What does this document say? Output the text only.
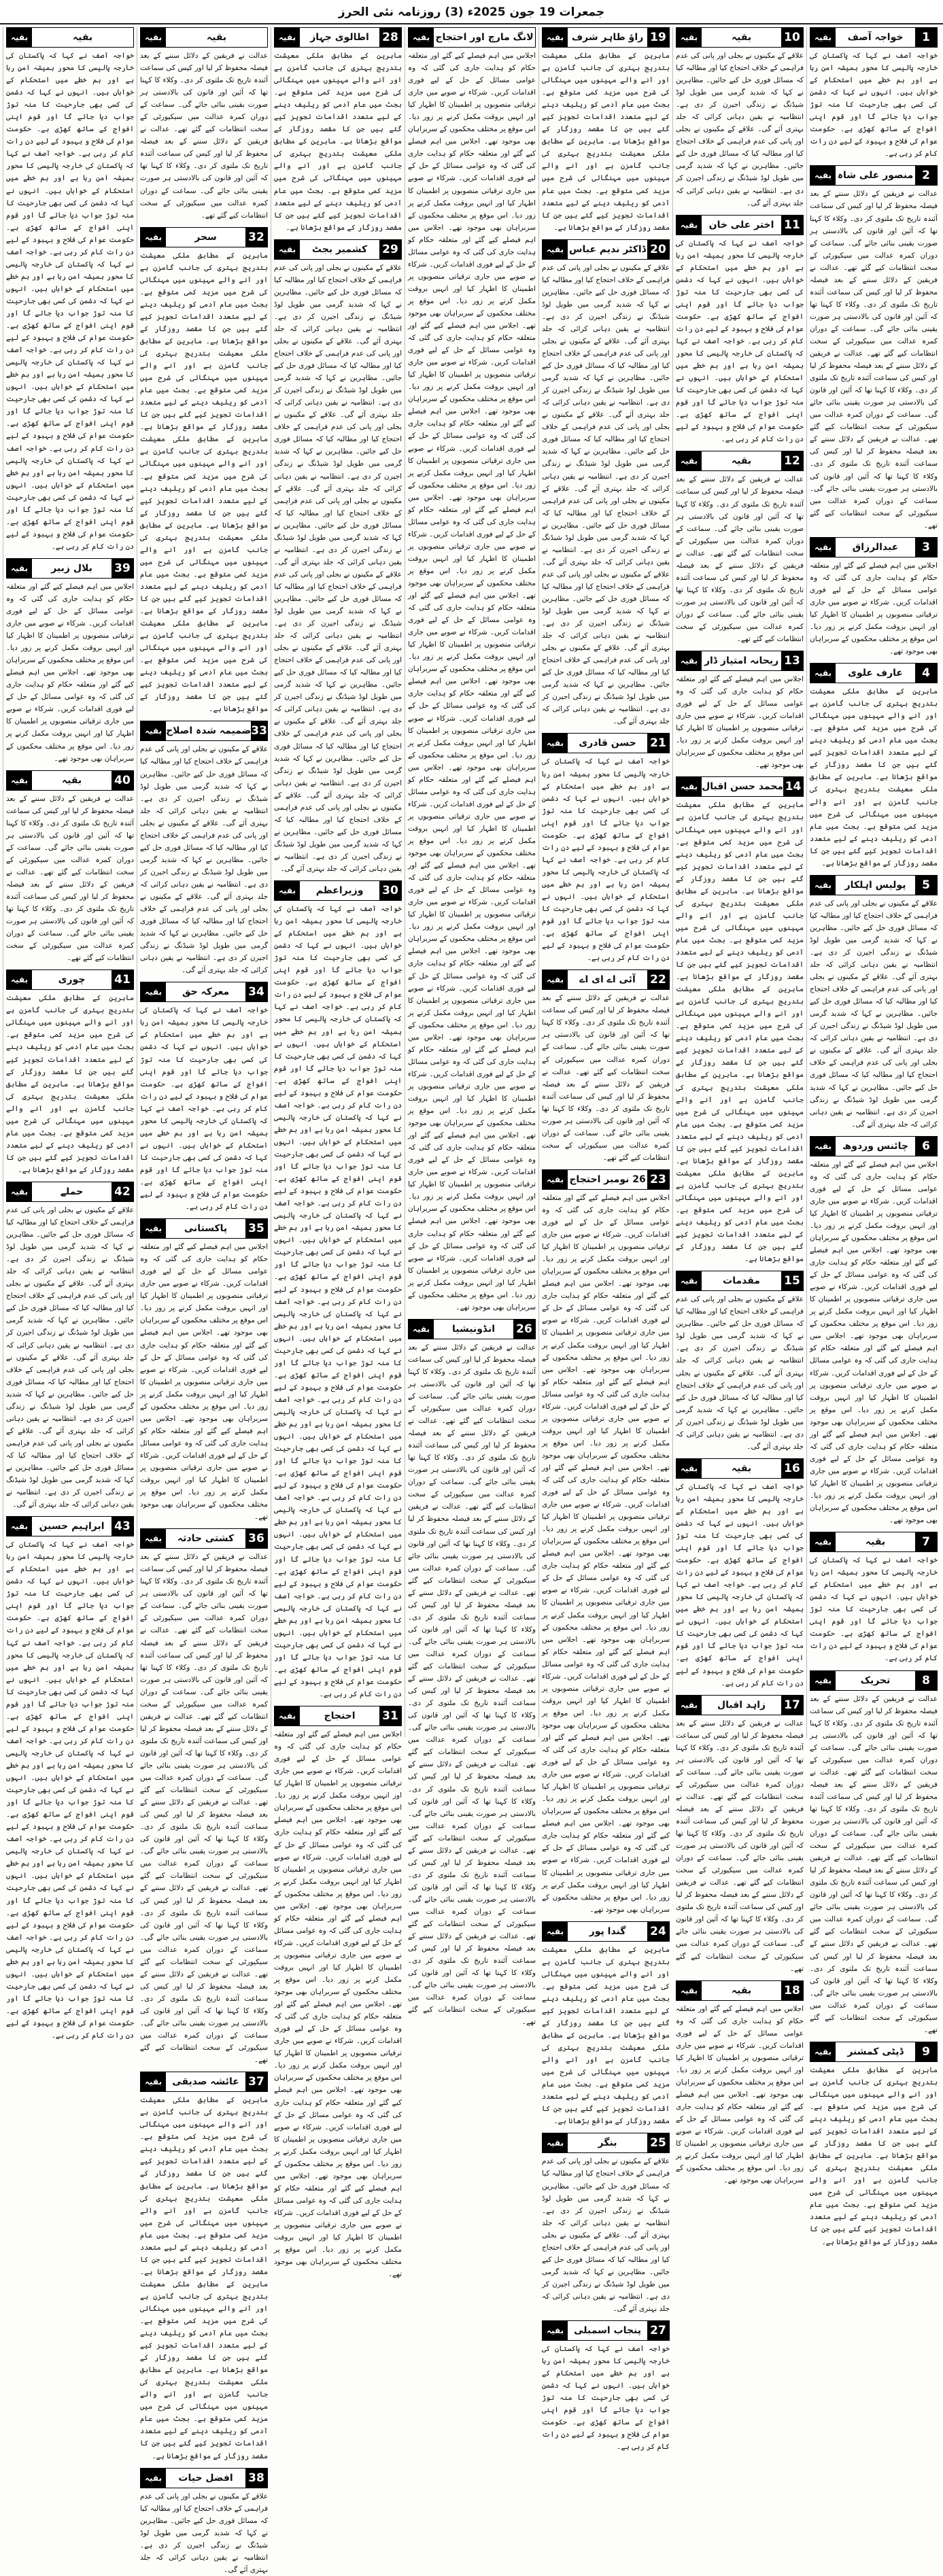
جمعرات 19 جون 2025ء (3) روزنامہ نئی الحرز
1
خواجہ آصف
بقیہ

خواجہ آصف نے کہا کہ پاکستان کی خارجہ پالیسی کا محور ہمیشہ امن رہا ہے اور ہم خطے میں استحکام کے خواہاں ہیں۔ انہوں نے کہا کہ دشمن کی کسی بھی جارحیت کا منہ توڑ جواب دیا جائے گا اور قوم اپنی افواج کے ساتھ کھڑی ہے۔ حکومت عوام کی فلاح و بہبود کے لیے دن رات کام کر رہی ہے۔

2
منصور علی شاہ
بقیہ

عدالت نے فریقین کے دلائل سننے کے بعد فیصلہ محفوظ کر لیا اور کیس کی سماعت آئندہ تاریخ تک ملتوی کر دی۔ وکلاء کا کہنا تھا کہ آئین اور قانون کی بالادستی ہر صورت یقینی بنائی جائے گی۔ سماعت کے دوران کمرہ عدالت میں سیکیورٹی کے سخت انتظامات کیے گئے تھے۔ عدالت نے فریقین کے دلائل سننے کے بعد فیصلہ محفوظ کر لیا اور کیس کی سماعت آئندہ تاریخ تک ملتوی کر دی۔ وکلاء کا کہنا تھا کہ آئین اور قانون کی بالادستی ہر صورت یقینی بنائی جائے گی۔ سماعت کے دوران کمرہ عدالت میں سیکیورٹی کے سخت انتظامات کیے گئے تھے۔ عدالت نے فریقین کے دلائل سننے کے بعد فیصلہ محفوظ کر لیا اور کیس کی سماعت آئندہ تاریخ تک ملتوی کر دی۔ وکلاء کا کہنا تھا کہ آئین اور قانون کی بالادستی ہر صورت یقینی بنائی جائے گی۔ سماعت کے دوران کمرہ عدالت میں سیکیورٹی کے سخت انتظامات کیے گئے تھے۔ عدالت نے فریقین کے دلائل سننے کے بعد فیصلہ محفوظ کر لیا اور کیس کی سماعت آئندہ تاریخ تک ملتوی کر دی۔ وکلاء کا کہنا تھا کہ آئین اور قانون کی بالادستی ہر صورت یقینی بنائی جائے گی۔ سماعت کے دوران کمرہ عدالت میں سیکیورٹی کے سخت انتظامات کیے گئے تھے۔

3
عبدالرزاق
بقیہ

اجلاس میں اہم فیصلے کیے گئے اور متعلقہ حکام کو ہدایت جاری کی گئی کہ وہ عوامی مسائل کے حل کے لیے فوری اقدامات کریں۔ شرکاء نے صوبے میں جاری ترقیاتی منصوبوں پر اطمینان کا اظہار کیا اور انہیں بروقت مکمل کرنے پر زور دیا۔ اس موقع پر مختلف محکموں کے سربراہان بھی موجود تھے۔

4
عارف علوی
بقیہ

ماہرین کے مطابق ملکی معیشت بتدریج بہتری کی جانب گامزن ہے اور آنے والے مہینوں میں مہنگائی کی شرح میں مزید کمی متوقع ہے۔ بجٹ میں عام آدمی کو ریلیف دینے کے لیے متعدد اقدامات تجویز کیے گئے ہیں جن کا مقصد روزگار کے مواقع بڑھانا ہے۔ ماہرین کے مطابق ملکی معیشت بتدریج بہتری کی جانب گامزن ہے اور آنے والے مہینوں میں مہنگائی کی شرح میں مزید کمی متوقع ہے۔ بجٹ میں عام آدمی کو ریلیف دینے کے لیے متعدد اقدامات تجویز کیے گئے ہیں جن کا مقصد روزگار کے مواقع بڑھانا ہے۔

5
پولیس اہلکار
بقیہ

علاقے کے مکینوں نے بجلی اور پانی کی عدم فراہمی کے خلاف احتجاج کیا اور مطالبہ کیا کہ مسائل فوری حل کیے جائیں۔ مظاہرین نے کہا کہ شدید گرمی میں طویل لوڈ شیڈنگ نے زندگی اجیرن کر دی ہے۔ انتظامیہ نے یقین دہانی کرائی کہ جلد بہتری آئے گی۔ علاقے کے مکینوں نے بجلی اور پانی کی عدم فراہمی کے خلاف احتجاج کیا اور مطالبہ کیا کہ مسائل فوری حل کیے جائیں۔ مظاہرین نے کہا کہ شدید گرمی میں طویل لوڈ شیڈنگ نے زندگی اجیرن کر دی ہے۔ انتظامیہ نے یقین دہانی کرائی کہ جلد بہتری آئے گی۔ علاقے کے مکینوں نے بجلی اور پانی کی عدم فراہمی کے خلاف احتجاج کیا اور مطالبہ کیا کہ مسائل فوری حل کیے جائیں۔ مظاہرین نے کہا کہ شدید گرمی میں طویل لوڈ شیڈنگ نے زندگی اجیرن کر دی ہے۔ انتظامیہ نے یقین دہانی کرائی کہ جلد بہتری آئے گی۔

6
چائنس وردوھ
بقیہ

اجلاس میں اہم فیصلے کیے گئے اور متعلقہ حکام کو ہدایت جاری کی گئی کہ وہ عوامی مسائل کے حل کے لیے فوری اقدامات کریں۔ شرکاء نے صوبے میں جاری ترقیاتی منصوبوں پر اطمینان کا اظہار کیا اور انہیں بروقت مکمل کرنے پر زور دیا۔ اس موقع پر مختلف محکموں کے سربراہان بھی موجود تھے۔ اجلاس میں اہم فیصلے کیے گئے اور متعلقہ حکام کو ہدایت جاری کی گئی کہ وہ عوامی مسائل کے حل کے لیے فوری اقدامات کریں۔ شرکاء نے صوبے میں جاری ترقیاتی منصوبوں پر اطمینان کا اظہار کیا اور انہیں بروقت مکمل کرنے پر زور دیا۔ اس موقع پر مختلف محکموں کے سربراہان بھی موجود تھے۔ اجلاس میں اہم فیصلے کیے گئے اور متعلقہ حکام کو ہدایت جاری کی گئی کہ وہ عوامی مسائل کے حل کے لیے فوری اقدامات کریں۔ شرکاء نے صوبے میں جاری ترقیاتی منصوبوں پر اطمینان کا اظہار کیا اور انہیں بروقت مکمل کرنے پر زور دیا۔ اس موقع پر مختلف محکموں کے سربراہان بھی موجود تھے۔ اجلاس میں اہم فیصلے کیے گئے اور متعلقہ حکام کو ہدایت جاری کی گئی کہ وہ عوامی مسائل کے حل کے لیے فوری اقدامات کریں۔ شرکاء نے صوبے میں جاری ترقیاتی منصوبوں پر اطمینان کا اظہار کیا اور انہیں بروقت مکمل کرنے پر زور دیا۔ اس موقع پر مختلف محکموں کے سربراہان بھی موجود تھے۔

7
بقیہ
بقیہ

خواجہ آصف نے کہا کہ پاکستان کی خارجہ پالیسی کا محور ہمیشہ امن رہا ہے اور ہم خطے میں استحکام کے خواہاں ہیں۔ انہوں نے کہا کہ دشمن کی کسی بھی جارحیت کا منہ توڑ جواب دیا جائے گا اور قوم اپنی افواج کے ساتھ کھڑی ہے۔ حکومت عوام کی فلاح و بہبود کے لیے دن رات کام کر رہی ہے۔

8
تحریک
بقیہ

عدالت نے فریقین کے دلائل سننے کے بعد فیصلہ محفوظ کر لیا اور کیس کی سماعت آئندہ تاریخ تک ملتوی کر دی۔ وکلاء کا کہنا تھا کہ آئین اور قانون کی بالادستی ہر صورت یقینی بنائی جائے گی۔ سماعت کے دوران کمرہ عدالت میں سیکیورٹی کے سخت انتظامات کیے گئے تھے۔ عدالت نے فریقین کے دلائل سننے کے بعد فیصلہ محفوظ کر لیا اور کیس کی سماعت آئندہ تاریخ تک ملتوی کر دی۔ وکلاء کا کہنا تھا کہ آئین اور قانون کی بالادستی ہر صورت یقینی بنائی جائے گی۔ سماعت کے دوران کمرہ عدالت میں سیکیورٹی کے سخت انتظامات کیے گئے تھے۔ عدالت نے فریقین کے دلائل سننے کے بعد فیصلہ محفوظ کر لیا اور کیس کی سماعت آئندہ تاریخ تک ملتوی کر دی۔ وکلاء کا کہنا تھا کہ آئین اور قانون کی بالادستی ہر صورت یقینی بنائی جائے گی۔ سماعت کے دوران کمرہ عدالت میں سیکیورٹی کے سخت انتظامات کیے گئے تھے۔ عدالت نے فریقین کے دلائل سننے کے بعد فیصلہ محفوظ کر لیا اور کیس کی سماعت آئندہ تاریخ تک ملتوی کر دی۔ وکلاء کا کہنا تھا کہ آئین اور قانون کی بالادستی ہر صورت یقینی بنائی جائے گی۔ سماعت کے دوران کمرہ عدالت میں سیکیورٹی کے سخت انتظامات کیے گئے تھے۔

9
ڈپٹی کمشنر
بقیہ

ماہرین کے مطابق ملکی معیشت بتدریج بہتری کی جانب گامزن ہے اور آنے والے مہینوں میں مہنگائی کی شرح میں مزید کمی متوقع ہے۔ بجٹ میں عام آدمی کو ریلیف دینے کے لیے متعدد اقدامات تجویز کیے گئے ہیں جن کا مقصد روزگار کے مواقع بڑھانا ہے۔ ماہرین کے مطابق ملکی معیشت بتدریج بہتری کی جانب گامزن ہے اور آنے والے مہینوں میں مہنگائی کی شرح میں مزید کمی متوقع ہے۔ بجٹ میں عام آدمی کو ریلیف دینے کے لیے متعدد اقدامات تجویز کیے گئے ہیں جن کا مقصد روزگار کے مواقع بڑھانا ہے۔

10
بقیہ
بقیہ

علاقے کے مکینوں نے بجلی اور پانی کی عدم فراہمی کے خلاف احتجاج کیا اور مطالبہ کیا کہ مسائل فوری حل کیے جائیں۔ مظاہرین نے کہا کہ شدید گرمی میں طویل لوڈ شیڈنگ نے زندگی اجیرن کر دی ہے۔ انتظامیہ نے یقین دہانی کرائی کہ جلد بہتری آئے گی۔ علاقے کے مکینوں نے بجلی اور پانی کی عدم فراہمی کے خلاف احتجاج کیا اور مطالبہ کیا کہ مسائل فوری حل کیے جائیں۔ مظاہرین نے کہا کہ شدید گرمی میں طویل لوڈ شیڈنگ نے زندگی اجیرن کر دی ہے۔ انتظامیہ نے یقین دہانی کرائی کہ جلد بہتری آئے گی۔

11
اختر علی خان
بقیہ

خواجہ آصف نے کہا کہ پاکستان کی خارجہ پالیسی کا محور ہمیشہ امن رہا ہے اور ہم خطے میں استحکام کے خواہاں ہیں۔ انہوں نے کہا کہ دشمن کی کسی بھی جارحیت کا منہ توڑ جواب دیا جائے گا اور قوم اپنی افواج کے ساتھ کھڑی ہے۔ حکومت عوام کی فلاح و بہبود کے لیے دن رات کام کر رہی ہے۔ خواجہ آصف نے کہا کہ پاکستان کی خارجہ پالیسی کا محور ہمیشہ امن رہا ہے اور ہم خطے میں استحکام کے خواہاں ہیں۔ انہوں نے کہا کہ دشمن کی کسی بھی جارحیت کا منہ توڑ جواب دیا جائے گا اور قوم اپنی افواج کے ساتھ کھڑی ہے۔ حکومت عوام کی فلاح و بہبود کے لیے دن رات کام کر رہی ہے۔

12
بقیہ
بقیہ

عدالت نے فریقین کے دلائل سننے کے بعد فیصلہ محفوظ کر لیا اور کیس کی سماعت آئندہ تاریخ تک ملتوی کر دی۔ وکلاء کا کہنا تھا کہ آئین اور قانون کی بالادستی ہر صورت یقینی بنائی جائے گی۔ سماعت کے دوران کمرہ عدالت میں سیکیورٹی کے سخت انتظامات کیے گئے تھے۔ عدالت نے فریقین کے دلائل سننے کے بعد فیصلہ محفوظ کر لیا اور کیس کی سماعت آئندہ تاریخ تک ملتوی کر دی۔ وکلاء کا کہنا تھا کہ آئین اور قانون کی بالادستی ہر صورت یقینی بنائی جائے گی۔ سماعت کے دوران کمرہ عدالت میں سیکیورٹی کے سخت انتظامات کیے گئے تھے۔

13
ریحانہ امتیاز ڈار
بقیہ

اجلاس میں اہم فیصلے کیے گئے اور متعلقہ حکام کو ہدایت جاری کی گئی کہ وہ عوامی مسائل کے حل کے لیے فوری اقدامات کریں۔ شرکاء نے صوبے میں جاری ترقیاتی منصوبوں پر اطمینان کا اظہار کیا اور انہیں بروقت مکمل کرنے پر زور دیا۔ اس موقع پر مختلف محکموں کے سربراہان بھی موجود تھے۔

14
محمد حسن اقبال
بقیہ

ماہرین کے مطابق ملکی معیشت بتدریج بہتری کی جانب گامزن ہے اور آنے والے مہینوں میں مہنگائی کی شرح میں مزید کمی متوقع ہے۔ بجٹ میں عام آدمی کو ریلیف دینے کے لیے متعدد اقدامات تجویز کیے گئے ہیں جن کا مقصد روزگار کے مواقع بڑھانا ہے۔ ماہرین کے مطابق ملکی معیشت بتدریج بہتری کی جانب گامزن ہے اور آنے والے مہینوں میں مہنگائی کی شرح میں مزید کمی متوقع ہے۔ بجٹ میں عام آدمی کو ریلیف دینے کے لیے متعدد اقدامات تجویز کیے گئے ہیں جن کا مقصد روزگار کے مواقع بڑھانا ہے۔ ماہرین کے مطابق ملکی معیشت بتدریج بہتری کی جانب گامزن ہے اور آنے والے مہینوں میں مہنگائی کی شرح میں مزید کمی متوقع ہے۔ بجٹ میں عام آدمی کو ریلیف دینے کے لیے متعدد اقدامات تجویز کیے گئے ہیں جن کا مقصد روزگار کے مواقع بڑھانا ہے۔ ماہرین کے مطابق ملکی معیشت بتدریج بہتری کی جانب گامزن ہے اور آنے والے مہینوں میں مہنگائی کی شرح میں مزید کمی متوقع ہے۔ بجٹ میں عام آدمی کو ریلیف دینے کے لیے متعدد اقدامات تجویز کیے گئے ہیں جن کا مقصد روزگار کے مواقع بڑھانا ہے۔ ماہرین کے مطابق ملکی معیشت بتدریج بہتری کی جانب گامزن ہے اور آنے والے مہینوں میں مہنگائی کی شرح میں مزید کمی متوقع ہے۔ بجٹ میں عام آدمی کو ریلیف دینے کے لیے متعدد اقدامات تجویز کیے گئے ہیں جن کا مقصد روزگار کے مواقع بڑھانا ہے۔

15
مقدمات
بقیہ

علاقے کے مکینوں نے بجلی اور پانی کی عدم فراہمی کے خلاف احتجاج کیا اور مطالبہ کیا کہ مسائل فوری حل کیے جائیں۔ مظاہرین نے کہا کہ شدید گرمی میں طویل لوڈ شیڈنگ نے زندگی اجیرن کر دی ہے۔ انتظامیہ نے یقین دہانی کرائی کہ جلد بہتری آئے گی۔ علاقے کے مکینوں نے بجلی اور پانی کی عدم فراہمی کے خلاف احتجاج کیا اور مطالبہ کیا کہ مسائل فوری حل کیے جائیں۔ مظاہرین نے کہا کہ شدید گرمی میں طویل لوڈ شیڈنگ نے زندگی اجیرن کر دی ہے۔ انتظامیہ نے یقین دہانی کرائی کہ جلد بہتری آئے گی۔

16
بقیہ
بقیہ

خواجہ آصف نے کہا کہ پاکستان کی خارجہ پالیسی کا محور ہمیشہ امن رہا ہے اور ہم خطے میں استحکام کے خواہاں ہیں۔ انہوں نے کہا کہ دشمن کی کسی بھی جارحیت کا منہ توڑ جواب دیا جائے گا اور قوم اپنی افواج کے ساتھ کھڑی ہے۔ حکومت عوام کی فلاح و بہبود کے لیے دن رات کام کر رہی ہے۔ خواجہ آصف نے کہا کہ پاکستان کی خارجہ پالیسی کا محور ہمیشہ امن رہا ہے اور ہم خطے میں استحکام کے خواہاں ہیں۔ انہوں نے کہا کہ دشمن کی کسی بھی جارحیت کا منہ توڑ جواب دیا جائے گا اور قوم اپنی افواج کے ساتھ کھڑی ہے۔ حکومت عوام کی فلاح و بہبود کے لیے دن رات کام کر رہی ہے۔

17
زاہد اقبال
بقیہ

عدالت نے فریقین کے دلائل سننے کے بعد فیصلہ محفوظ کر لیا اور کیس کی سماعت آئندہ تاریخ تک ملتوی کر دی۔ وکلاء کا کہنا تھا کہ آئین اور قانون کی بالادستی ہر صورت یقینی بنائی جائے گی۔ سماعت کے دوران کمرہ عدالت میں سیکیورٹی کے سخت انتظامات کیے گئے تھے۔ عدالت نے فریقین کے دلائل سننے کے بعد فیصلہ محفوظ کر لیا اور کیس کی سماعت آئندہ تاریخ تک ملتوی کر دی۔ وکلاء کا کہنا تھا کہ آئین اور قانون کی بالادستی ہر صورت یقینی بنائی جائے گی۔ سماعت کے دوران کمرہ عدالت میں سیکیورٹی کے سخت انتظامات کیے گئے تھے۔ عدالت نے فریقین کے دلائل سننے کے بعد فیصلہ محفوظ کر لیا اور کیس کی سماعت آئندہ تاریخ تک ملتوی کر دی۔ وکلاء کا کہنا تھا کہ آئین اور قانون کی بالادستی ہر صورت یقینی بنائی جائے گی۔ سماعت کے دوران کمرہ عدالت میں سیکیورٹی کے سخت انتظامات کیے گئے تھے۔

18
بقیہ
بقیہ

اجلاس میں اہم فیصلے کیے گئے اور متعلقہ حکام کو ہدایت جاری کی گئی کہ وہ عوامی مسائل کے حل کے لیے فوری اقدامات کریں۔ شرکاء نے صوبے میں جاری ترقیاتی منصوبوں پر اطمینان کا اظہار کیا اور انہیں بروقت مکمل کرنے پر زور دیا۔ اس موقع پر مختلف محکموں کے سربراہان بھی موجود تھے۔ اجلاس میں اہم فیصلے کیے گئے اور متعلقہ حکام کو ہدایت جاری کی گئی کہ وہ عوامی مسائل کے حل کے لیے فوری اقدامات کریں۔ شرکاء نے صوبے میں جاری ترقیاتی منصوبوں پر اطمینان کا اظہار کیا اور انہیں بروقت مکمل کرنے پر زور دیا۔ اس موقع پر مختلف محکموں کے سربراہان بھی موجود تھے۔

19
راؤ طاہر شرف
بقیہ

ماہرین کے مطابق ملکی معیشت بتدریج بہتری کی جانب گامزن ہے اور آنے والے مہینوں میں مہنگائی کی شرح میں مزید کمی متوقع ہے۔ بجٹ میں عام آدمی کو ریلیف دینے کے لیے متعدد اقدامات تجویز کیے گئے ہیں جن کا مقصد روزگار کے مواقع بڑھانا ہے۔ ماہرین کے مطابق ملکی معیشت بتدریج بہتری کی جانب گامزن ہے اور آنے والے مہینوں میں مہنگائی کی شرح میں مزید کمی متوقع ہے۔ بجٹ میں عام آدمی کو ریلیف دینے کے لیے متعدد اقدامات تجویز کیے گئے ہیں جن کا مقصد روزگار کے مواقع بڑھانا ہے۔

20
ڈاکٹر ندیم عباس
بقیہ

علاقے کے مکینوں نے بجلی اور پانی کی عدم فراہمی کے خلاف احتجاج کیا اور مطالبہ کیا کہ مسائل فوری حل کیے جائیں۔ مظاہرین نے کہا کہ شدید گرمی میں طویل لوڈ شیڈنگ نے زندگی اجیرن کر دی ہے۔ انتظامیہ نے یقین دہانی کرائی کہ جلد بہتری آئے گی۔ علاقے کے مکینوں نے بجلی اور پانی کی عدم فراہمی کے خلاف احتجاج کیا اور مطالبہ کیا کہ مسائل فوری حل کیے جائیں۔ مظاہرین نے کہا کہ شدید گرمی میں طویل لوڈ شیڈنگ نے زندگی اجیرن کر دی ہے۔ انتظامیہ نے یقین دہانی کرائی کہ جلد بہتری آئے گی۔ علاقے کے مکینوں نے بجلی اور پانی کی عدم فراہمی کے خلاف احتجاج کیا اور مطالبہ کیا کہ مسائل فوری حل کیے جائیں۔ مظاہرین نے کہا کہ شدید گرمی میں طویل لوڈ شیڈنگ نے زندگی اجیرن کر دی ہے۔ انتظامیہ نے یقین دہانی کرائی کہ جلد بہتری آئے گی۔ علاقے کے مکینوں نے بجلی اور پانی کی عدم فراہمی کے خلاف احتجاج کیا اور مطالبہ کیا کہ مسائل فوری حل کیے جائیں۔ مظاہرین نے کہا کہ شدید گرمی میں طویل لوڈ شیڈنگ نے زندگی اجیرن کر دی ہے۔ انتظامیہ نے یقین دہانی کرائی کہ جلد بہتری آئے گی۔ علاقے کے مکینوں نے بجلی اور پانی کی عدم فراہمی کے خلاف احتجاج کیا اور مطالبہ کیا کہ مسائل فوری حل کیے جائیں۔ مظاہرین نے کہا کہ شدید گرمی میں طویل لوڈ شیڈنگ نے زندگی اجیرن کر دی ہے۔ انتظامیہ نے یقین دہانی کرائی کہ جلد بہتری آئے گی۔ علاقے کے مکینوں نے بجلی اور پانی کی عدم فراہمی کے خلاف احتجاج کیا اور مطالبہ کیا کہ مسائل فوری حل کیے جائیں۔ مظاہرین نے کہا کہ شدید گرمی میں طویل لوڈ شیڈنگ نے زندگی اجیرن کر دی ہے۔ انتظامیہ نے یقین دہانی کرائی کہ جلد بہتری آئے گی۔

21
حسن قادری
بقیہ

خواجہ آصف نے کہا کہ پاکستان کی خارجہ پالیسی کا محور ہمیشہ امن رہا ہے اور ہم خطے میں استحکام کے خواہاں ہیں۔ انہوں نے کہا کہ دشمن کی کسی بھی جارحیت کا منہ توڑ جواب دیا جائے گا اور قوم اپنی افواج کے ساتھ کھڑی ہے۔ حکومت عوام کی فلاح و بہبود کے لیے دن رات کام کر رہی ہے۔ خواجہ آصف نے کہا کہ پاکستان کی خارجہ پالیسی کا محور ہمیشہ امن رہا ہے اور ہم خطے میں استحکام کے خواہاں ہیں۔ انہوں نے کہا کہ دشمن کی کسی بھی جارحیت کا منہ توڑ جواب دیا جائے گا اور قوم اپنی افواج کے ساتھ کھڑی ہے۔ حکومت عوام کی فلاح و بہبود کے لیے دن رات کام کر رہی ہے۔

22
آئی اے ای اے
بقیہ

عدالت نے فریقین کے دلائل سننے کے بعد فیصلہ محفوظ کر لیا اور کیس کی سماعت آئندہ تاریخ تک ملتوی کر دی۔ وکلاء کا کہنا تھا کہ آئین اور قانون کی بالادستی ہر صورت یقینی بنائی جائے گی۔ سماعت کے دوران کمرہ عدالت میں سیکیورٹی کے سخت انتظامات کیے گئے تھے۔ عدالت نے فریقین کے دلائل سننے کے بعد فیصلہ محفوظ کر لیا اور کیس کی سماعت آئندہ تاریخ تک ملتوی کر دی۔ وکلاء کا کہنا تھا کہ آئین اور قانون کی بالادستی ہر صورت یقینی بنائی جائے گی۔ سماعت کے دوران کمرہ عدالت میں سیکیورٹی کے سخت انتظامات کیے گئے تھے۔

23
26 نومبر احتجاج
بقیہ

اجلاس میں اہم فیصلے کیے گئے اور متعلقہ حکام کو ہدایت جاری کی گئی کہ وہ عوامی مسائل کے حل کے لیے فوری اقدامات کریں۔ شرکاء نے صوبے میں جاری ترقیاتی منصوبوں پر اطمینان کا اظہار کیا اور انہیں بروقت مکمل کرنے پر زور دیا۔ اس موقع پر مختلف محکموں کے سربراہان بھی موجود تھے۔ اجلاس میں اہم فیصلے کیے گئے اور متعلقہ حکام کو ہدایت جاری کی گئی کہ وہ عوامی مسائل کے حل کے لیے فوری اقدامات کریں۔ شرکاء نے صوبے میں جاری ترقیاتی منصوبوں پر اطمینان کا اظہار کیا اور انہیں بروقت مکمل کرنے پر زور دیا۔ اس موقع پر مختلف محکموں کے سربراہان بھی موجود تھے۔ اجلاس میں اہم فیصلے کیے گئے اور متعلقہ حکام کو ہدایت جاری کی گئی کہ وہ عوامی مسائل کے حل کے لیے فوری اقدامات کریں۔ شرکاء نے صوبے میں جاری ترقیاتی منصوبوں پر اطمینان کا اظہار کیا اور انہیں بروقت مکمل کرنے پر زور دیا۔ اس موقع پر مختلف محکموں کے سربراہان بھی موجود تھے۔ اجلاس میں اہم فیصلے کیے گئے اور متعلقہ حکام کو ہدایت جاری کی گئی کہ وہ عوامی مسائل کے حل کے لیے فوری اقدامات کریں۔ شرکاء نے صوبے میں جاری ترقیاتی منصوبوں پر اطمینان کا اظہار کیا اور انہیں بروقت مکمل کرنے پر زور دیا۔ اس موقع پر مختلف محکموں کے سربراہان بھی موجود تھے۔ اجلاس میں اہم فیصلے کیے گئے اور متعلقہ حکام کو ہدایت جاری کی گئی کہ وہ عوامی مسائل کے حل کے لیے فوری اقدامات کریں۔ شرکاء نے صوبے میں جاری ترقیاتی منصوبوں پر اطمینان کا اظہار کیا اور انہیں بروقت مکمل کرنے پر زور دیا۔ اس موقع پر مختلف محکموں کے سربراہان بھی موجود تھے۔ اجلاس میں اہم فیصلے کیے گئے اور متعلقہ حکام کو ہدایت جاری کی گئی کہ وہ عوامی مسائل کے حل کے لیے فوری اقدامات کریں۔ شرکاء نے صوبے میں جاری ترقیاتی منصوبوں پر اطمینان کا اظہار کیا اور انہیں بروقت مکمل کرنے پر زور دیا۔ اس موقع پر مختلف محکموں کے سربراہان بھی موجود تھے۔ اجلاس میں اہم فیصلے کیے گئے اور متعلقہ حکام کو ہدایت جاری کی گئی کہ وہ عوامی مسائل کے حل کے لیے فوری اقدامات کریں۔ شرکاء نے صوبے میں جاری ترقیاتی منصوبوں پر اطمینان کا اظہار کیا اور انہیں بروقت مکمل کرنے پر زور دیا۔ اس موقع پر مختلف محکموں کے سربراہان بھی موجود تھے۔ اجلاس میں اہم فیصلے کیے گئے اور متعلقہ حکام کو ہدایت جاری کی گئی کہ وہ عوامی مسائل کے حل کے لیے فوری اقدامات کریں۔ شرکاء نے صوبے میں جاری ترقیاتی منصوبوں پر اطمینان کا اظہار کیا اور انہیں بروقت مکمل کرنے پر زور دیا۔ اس موقع پر مختلف محکموں کے سربراہان بھی موجود تھے۔

24
گندا پور
بقیہ

ماہرین کے مطابق ملکی معیشت بتدریج بہتری کی جانب گامزن ہے اور آنے والے مہینوں میں مہنگائی کی شرح میں مزید کمی متوقع ہے۔ بجٹ میں عام آدمی کو ریلیف دینے کے لیے متعدد اقدامات تجویز کیے گئے ہیں جن کا مقصد روزگار کے مواقع بڑھانا ہے۔ ماہرین کے مطابق ملکی معیشت بتدریج بہتری کی جانب گامزن ہے اور آنے والے مہینوں میں مہنگائی کی شرح میں مزید کمی متوقع ہے۔ بجٹ میں عام آدمی کو ریلیف دینے کے لیے متعدد اقدامات تجویز کیے گئے ہیں جن کا مقصد روزگار کے مواقع بڑھانا ہے۔

25
بنگر
بقیہ

علاقے کے مکینوں نے بجلی اور پانی کی عدم فراہمی کے خلاف احتجاج کیا اور مطالبہ کیا کہ مسائل فوری حل کیے جائیں۔ مظاہرین نے کہا کہ شدید گرمی میں طویل لوڈ شیڈنگ نے زندگی اجیرن کر دی ہے۔ انتظامیہ نے یقین دہانی کرائی کہ جلد بہتری آئے گی۔ علاقے کے مکینوں نے بجلی اور پانی کی عدم فراہمی کے خلاف احتجاج کیا اور مطالبہ کیا کہ مسائل فوری حل کیے جائیں۔ مظاہرین نے کہا کہ شدید گرمی میں طویل لوڈ شیڈنگ نے زندگی اجیرن کر دی ہے۔ انتظامیہ نے یقین دہانی کرائی کہ جلد بہتری آئے گی۔

27
پنجاب اسمبلی
بقیہ

خواجہ آصف نے کہا کہ پاکستان کی خارجہ پالیسی کا محور ہمیشہ امن رہا ہے اور ہم خطے میں استحکام کے خواہاں ہیں۔ انہوں نے کہا کہ دشمن کی کسی بھی جارحیت کا منہ توڑ جواب دیا جائے گا اور قوم اپنی افواج کے ساتھ کھڑی ہے۔ حکومت عوام کی فلاح و بہبود کے لیے دن رات کام کر رہی ہے۔

لانگ مارچ اور احتجاج
بقیہ

اجلاس میں اہم فیصلے کیے گئے اور متعلقہ حکام کو ہدایت جاری کی گئی کہ وہ عوامی مسائل کے حل کے لیے فوری اقدامات کریں۔ شرکاء نے صوبے میں جاری ترقیاتی منصوبوں پر اطمینان کا اظہار کیا اور انہیں بروقت مکمل کرنے پر زور دیا۔ اس موقع پر مختلف محکموں کے سربراہان بھی موجود تھے۔ اجلاس میں اہم فیصلے کیے گئے اور متعلقہ حکام کو ہدایت جاری کی گئی کہ وہ عوامی مسائل کے حل کے لیے فوری اقدامات کریں۔ شرکاء نے صوبے میں جاری ترقیاتی منصوبوں پر اطمینان کا اظہار کیا اور انہیں بروقت مکمل کرنے پر زور دیا۔ اس موقع پر مختلف محکموں کے سربراہان بھی موجود تھے۔ اجلاس میں اہم فیصلے کیے گئے اور متعلقہ حکام کو ہدایت جاری کی گئی کہ وہ عوامی مسائل کے حل کے لیے فوری اقدامات کریں۔ شرکاء نے صوبے میں جاری ترقیاتی منصوبوں پر اطمینان کا اظہار کیا اور انہیں بروقت مکمل کرنے پر زور دیا۔ اس موقع پر مختلف محکموں کے سربراہان بھی موجود تھے۔ اجلاس میں اہم فیصلے کیے گئے اور متعلقہ حکام کو ہدایت جاری کی گئی کہ وہ عوامی مسائل کے حل کے لیے فوری اقدامات کریں۔ شرکاء نے صوبے میں جاری ترقیاتی منصوبوں پر اطمینان کا اظہار کیا اور انہیں بروقت مکمل کرنے پر زور دیا۔ اس موقع پر مختلف محکموں کے سربراہان بھی موجود تھے۔ اجلاس میں اہم فیصلے کیے گئے اور متعلقہ حکام کو ہدایت جاری کی گئی کہ وہ عوامی مسائل کے حل کے لیے فوری اقدامات کریں۔ شرکاء نے صوبے میں جاری ترقیاتی منصوبوں پر اطمینان کا اظہار کیا اور انہیں بروقت مکمل کرنے پر زور دیا۔ اس موقع پر مختلف محکموں کے سربراہان بھی موجود تھے۔ اجلاس میں اہم فیصلے کیے گئے اور متعلقہ حکام کو ہدایت جاری کی گئی کہ وہ عوامی مسائل کے حل کے لیے فوری اقدامات کریں۔ شرکاء نے صوبے میں جاری ترقیاتی منصوبوں پر اطمینان کا اظہار کیا اور انہیں بروقت مکمل کرنے پر زور دیا۔ اس موقع پر مختلف محکموں کے سربراہان بھی موجود تھے۔ اجلاس میں اہم فیصلے کیے گئے اور متعلقہ حکام کو ہدایت جاری کی گئی کہ وہ عوامی مسائل کے حل کے لیے فوری اقدامات کریں۔ شرکاء نے صوبے میں جاری ترقیاتی منصوبوں پر اطمینان کا اظہار کیا اور انہیں بروقت مکمل کرنے پر زور دیا۔ اس موقع پر مختلف محکموں کے سربراہان بھی موجود تھے۔ اجلاس میں اہم فیصلے کیے گئے اور متعلقہ حکام کو ہدایت جاری کی گئی کہ وہ عوامی مسائل کے حل کے لیے فوری اقدامات کریں۔ شرکاء نے صوبے میں جاری ترقیاتی منصوبوں پر اطمینان کا اظہار کیا اور انہیں بروقت مکمل کرنے پر زور دیا۔ اس موقع پر مختلف محکموں کے سربراہان بھی موجود تھے۔ اجلاس میں اہم فیصلے کیے گئے اور متعلقہ حکام کو ہدایت جاری کی گئی کہ وہ عوامی مسائل کے حل کے لیے فوری اقدامات کریں۔ شرکاء نے صوبے میں جاری ترقیاتی منصوبوں پر اطمینان کا اظہار کیا اور انہیں بروقت مکمل کرنے پر زور دیا۔ اس موقع پر مختلف محکموں کے سربراہان بھی موجود تھے۔ اجلاس میں اہم فیصلے کیے گئے اور متعلقہ حکام کو ہدایت جاری کی گئی کہ وہ عوامی مسائل کے حل کے لیے فوری اقدامات کریں۔ شرکاء نے صوبے میں جاری ترقیاتی منصوبوں پر اطمینان کا اظہار کیا اور انہیں بروقت مکمل کرنے پر زور دیا۔ اس موقع پر مختلف محکموں کے سربراہان بھی موجود تھے۔ اجلاس میں اہم فیصلے کیے گئے اور متعلقہ حکام کو ہدایت جاری کی گئی کہ وہ عوامی مسائل کے حل کے لیے فوری اقدامات کریں۔ شرکاء نے صوبے میں جاری ترقیاتی منصوبوں پر اطمینان کا اظہار کیا اور انہیں بروقت مکمل کرنے پر زور دیا۔ اس موقع پر مختلف محکموں کے سربراہان بھی موجود تھے۔ اجلاس میں اہم فیصلے کیے گئے اور متعلقہ حکام کو ہدایت جاری کی گئی کہ وہ عوامی مسائل کے حل کے لیے فوری اقدامات کریں۔ شرکاء نے صوبے میں جاری ترقیاتی منصوبوں پر اطمینان کا اظہار کیا اور انہیں بروقت مکمل کرنے پر زور دیا۔ اس موقع پر مختلف محکموں کے سربراہان بھی موجود تھے۔ اجلاس میں اہم فیصلے کیے گئے اور متعلقہ حکام کو ہدایت جاری کی گئی کہ وہ عوامی مسائل کے حل کے لیے فوری اقدامات کریں۔ شرکاء نے صوبے میں جاری ترقیاتی منصوبوں پر اطمینان کا اظہار کیا اور انہیں بروقت مکمل کرنے پر زور دیا۔ اس موقع پر مختلف محکموں کے سربراہان بھی موجود تھے۔ اجلاس میں اہم فیصلے کیے گئے اور متعلقہ حکام کو ہدایت جاری کی گئی کہ وہ عوامی مسائل کے حل کے لیے فوری اقدامات کریں۔ شرکاء نے صوبے میں جاری ترقیاتی منصوبوں پر اطمینان کا اظہار کیا اور انہیں بروقت مکمل کرنے پر زور دیا۔ اس موقع پر مختلف محکموں کے سربراہان بھی موجود تھے۔

26
انڈونیشیا
بقیہ

عدالت نے فریقین کے دلائل سننے کے بعد فیصلہ محفوظ کر لیا اور کیس کی سماعت آئندہ تاریخ تک ملتوی کر دی۔ وکلاء کا کہنا تھا کہ آئین اور قانون کی بالادستی ہر صورت یقینی بنائی جائے گی۔ سماعت کے دوران کمرہ عدالت میں سیکیورٹی کے سخت انتظامات کیے گئے تھے۔ عدالت نے فریقین کے دلائل سننے کے بعد فیصلہ محفوظ کر لیا اور کیس کی سماعت آئندہ تاریخ تک ملتوی کر دی۔ وکلاء کا کہنا تھا کہ آئین اور قانون کی بالادستی ہر صورت یقینی بنائی جائے گی۔ سماعت کے دوران کمرہ عدالت میں سیکیورٹی کے سخت انتظامات کیے گئے تھے۔ عدالت نے فریقین کے دلائل سننے کے بعد فیصلہ محفوظ کر لیا اور کیس کی سماعت آئندہ تاریخ تک ملتوی کر دی۔ وکلاء کا کہنا تھا کہ آئین اور قانون کی بالادستی ہر صورت یقینی بنائی جائے گی۔ سماعت کے دوران کمرہ عدالت میں سیکیورٹی کے سخت انتظامات کیے گئے تھے۔ عدالت نے فریقین کے دلائل سننے کے بعد فیصلہ محفوظ کر لیا اور کیس کی سماعت آئندہ تاریخ تک ملتوی کر دی۔ وکلاء کا کہنا تھا کہ آئین اور قانون کی بالادستی ہر صورت یقینی بنائی جائے گی۔ سماعت کے دوران کمرہ عدالت میں سیکیورٹی کے سخت انتظامات کیے گئے تھے۔ عدالت نے فریقین کے دلائل سننے کے بعد فیصلہ محفوظ کر لیا اور کیس کی سماعت آئندہ تاریخ تک ملتوی کر دی۔ وکلاء کا کہنا تھا کہ آئین اور قانون کی بالادستی ہر صورت یقینی بنائی جائے گی۔ سماعت کے دوران کمرہ عدالت میں سیکیورٹی کے سخت انتظامات کیے گئے تھے۔ عدالت نے فریقین کے دلائل سننے کے بعد فیصلہ محفوظ کر لیا اور کیس کی سماعت آئندہ تاریخ تک ملتوی کر دی۔ وکلاء کا کہنا تھا کہ آئین اور قانون کی بالادستی ہر صورت یقینی بنائی جائے گی۔ سماعت کے دوران کمرہ عدالت میں سیکیورٹی کے سخت انتظامات کیے گئے تھے۔ عدالت نے فریقین کے دلائل سننے کے بعد فیصلہ محفوظ کر لیا اور کیس کی سماعت آئندہ تاریخ تک ملتوی کر دی۔ وکلاء کا کہنا تھا کہ آئین اور قانون کی بالادستی ہر صورت یقینی بنائی جائے گی۔ سماعت کے دوران کمرہ عدالت میں سیکیورٹی کے سخت انتظامات کیے گئے تھے۔ عدالت نے فریقین کے دلائل سننے کے بعد فیصلہ محفوظ کر لیا اور کیس کی سماعت آئندہ تاریخ تک ملتوی کر دی۔ وکلاء کا کہنا تھا کہ آئین اور قانون کی بالادستی ہر صورت یقینی بنائی جائے گی۔ سماعت کے دوران کمرہ عدالت میں سیکیورٹی کے سخت انتظامات کیے گئے تھے۔

28
اطالوی جہاز
بقیہ

ماہرین کے مطابق ملکی معیشت بتدریج بہتری کی جانب گامزن ہے اور آنے والے مہینوں میں مہنگائی کی شرح میں مزید کمی متوقع ہے۔ بجٹ میں عام آدمی کو ریلیف دینے کے لیے متعدد اقدامات تجویز کیے گئے ہیں جن کا مقصد روزگار کے مواقع بڑھانا ہے۔ ماہرین کے مطابق ملکی معیشت بتدریج بہتری کی جانب گامزن ہے اور آنے والے مہینوں میں مہنگائی کی شرح میں مزید کمی متوقع ہے۔ بجٹ میں عام آدمی کو ریلیف دینے کے لیے متعدد اقدامات تجویز کیے گئے ہیں جن کا مقصد روزگار کے مواقع بڑھانا ہے۔

29
کشمیر بجٹ
بقیہ

علاقے کے مکینوں نے بجلی اور پانی کی عدم فراہمی کے خلاف احتجاج کیا اور مطالبہ کیا کہ مسائل فوری حل کیے جائیں۔ مظاہرین نے کہا کہ شدید گرمی میں طویل لوڈ شیڈنگ نے زندگی اجیرن کر دی ہے۔ انتظامیہ نے یقین دہانی کرائی کہ جلد بہتری آئے گی۔ علاقے کے مکینوں نے بجلی اور پانی کی عدم فراہمی کے خلاف احتجاج کیا اور مطالبہ کیا کہ مسائل فوری حل کیے جائیں۔ مظاہرین نے کہا کہ شدید گرمی میں طویل لوڈ شیڈنگ نے زندگی اجیرن کر دی ہے۔ انتظامیہ نے یقین دہانی کرائی کہ جلد بہتری آئے گی۔ علاقے کے مکینوں نے بجلی اور پانی کی عدم فراہمی کے خلاف احتجاج کیا اور مطالبہ کیا کہ مسائل فوری حل کیے جائیں۔ مظاہرین نے کہا کہ شدید گرمی میں طویل لوڈ شیڈنگ نے زندگی اجیرن کر دی ہے۔ انتظامیہ نے یقین دہانی کرائی کہ جلد بہتری آئے گی۔ علاقے کے مکینوں نے بجلی اور پانی کی عدم فراہمی کے خلاف احتجاج کیا اور مطالبہ کیا کہ مسائل فوری حل کیے جائیں۔ مظاہرین نے کہا کہ شدید گرمی میں طویل لوڈ شیڈنگ نے زندگی اجیرن کر دی ہے۔ انتظامیہ نے یقین دہانی کرائی کہ جلد بہتری آئے گی۔ علاقے کے مکینوں نے بجلی اور پانی کی عدم فراہمی کے خلاف احتجاج کیا اور مطالبہ کیا کہ مسائل فوری حل کیے جائیں۔ مظاہرین نے کہا کہ شدید گرمی میں طویل لوڈ شیڈنگ نے زندگی اجیرن کر دی ہے۔ انتظامیہ نے یقین دہانی کرائی کہ جلد بہتری آئے گی۔ علاقے کے مکینوں نے بجلی اور پانی کی عدم فراہمی کے خلاف احتجاج کیا اور مطالبہ کیا کہ مسائل فوری حل کیے جائیں۔ مظاہرین نے کہا کہ شدید گرمی میں طویل لوڈ شیڈنگ نے زندگی اجیرن کر دی ہے۔ انتظامیہ نے یقین دہانی کرائی کہ جلد بہتری آئے گی۔ علاقے کے مکینوں نے بجلی اور پانی کی عدم فراہمی کے خلاف احتجاج کیا اور مطالبہ کیا کہ مسائل فوری حل کیے جائیں۔ مظاہرین نے کہا کہ شدید گرمی میں طویل لوڈ شیڈنگ نے زندگی اجیرن کر دی ہے۔ انتظامیہ نے یقین دہانی کرائی کہ جلد بہتری آئے گی۔ علاقے کے مکینوں نے بجلی اور پانی کی عدم فراہمی کے خلاف احتجاج کیا اور مطالبہ کیا کہ مسائل فوری حل کیے جائیں۔ مظاہرین نے کہا کہ شدید گرمی میں طویل لوڈ شیڈنگ نے زندگی اجیرن کر دی ہے۔ انتظامیہ نے یقین دہانی کرائی کہ جلد بہتری آئے گی۔

30
وزیراعظم
بقیہ

خواجہ آصف نے کہا کہ پاکستان کی خارجہ پالیسی کا محور ہمیشہ امن رہا ہے اور ہم خطے میں استحکام کے خواہاں ہیں۔ انہوں نے کہا کہ دشمن کی کسی بھی جارحیت کا منہ توڑ جواب دیا جائے گا اور قوم اپنی افواج کے ساتھ کھڑی ہے۔ حکومت عوام کی فلاح و بہبود کے لیے دن رات کام کر رہی ہے۔ خواجہ آصف نے کہا کہ پاکستان کی خارجہ پالیسی کا محور ہمیشہ امن رہا ہے اور ہم خطے میں استحکام کے خواہاں ہیں۔ انہوں نے کہا کہ دشمن کی کسی بھی جارحیت کا منہ توڑ جواب دیا جائے گا اور قوم اپنی افواج کے ساتھ کھڑی ہے۔ حکومت عوام کی فلاح و بہبود کے لیے دن رات کام کر رہی ہے۔ خواجہ آصف نے کہا کہ پاکستان کی خارجہ پالیسی کا محور ہمیشہ امن رہا ہے اور ہم خطے میں استحکام کے خواہاں ہیں۔ انہوں نے کہا کہ دشمن کی کسی بھی جارحیت کا منہ توڑ جواب دیا جائے گا اور قوم اپنی افواج کے ساتھ کھڑی ہے۔ حکومت عوام کی فلاح و بہبود کے لیے دن رات کام کر رہی ہے۔ خواجہ آصف نے کہا کہ پاکستان کی خارجہ پالیسی کا محور ہمیشہ امن رہا ہے اور ہم خطے میں استحکام کے خواہاں ہیں۔ انہوں نے کہا کہ دشمن کی کسی بھی جارحیت کا منہ توڑ جواب دیا جائے گا اور قوم اپنی افواج کے ساتھ کھڑی ہے۔ حکومت عوام کی فلاح و بہبود کے لیے دن رات کام کر رہی ہے۔ خواجہ آصف نے کہا کہ پاکستان کی خارجہ پالیسی کا محور ہمیشہ امن رہا ہے اور ہم خطے میں استحکام کے خواہاں ہیں۔ انہوں نے کہا کہ دشمن کی کسی بھی جارحیت کا منہ توڑ جواب دیا جائے گا اور قوم اپنی افواج کے ساتھ کھڑی ہے۔ حکومت عوام کی فلاح و بہبود کے لیے دن رات کام کر رہی ہے۔ خواجہ آصف نے کہا کہ پاکستان کی خارجہ پالیسی کا محور ہمیشہ امن رہا ہے اور ہم خطے میں استحکام کے خواہاں ہیں۔ انہوں نے کہا کہ دشمن کی کسی بھی جارحیت کا منہ توڑ جواب دیا جائے گا اور قوم اپنی افواج کے ساتھ کھڑی ہے۔ حکومت عوام کی فلاح و بہبود کے لیے دن رات کام کر رہی ہے۔ خواجہ آصف نے کہا کہ پاکستان کی خارجہ پالیسی کا محور ہمیشہ امن رہا ہے اور ہم خطے میں استحکام کے خواہاں ہیں۔ انہوں نے کہا کہ دشمن کی کسی بھی جارحیت کا منہ توڑ جواب دیا جائے گا اور قوم اپنی افواج کے ساتھ کھڑی ہے۔ حکومت عوام کی فلاح و بہبود کے لیے دن رات کام کر رہی ہے۔ خواجہ آصف نے کہا کہ پاکستان کی خارجہ پالیسی کا محور ہمیشہ امن رہا ہے اور ہم خطے میں استحکام کے خواہاں ہیں۔ انہوں نے کہا کہ دشمن کی کسی بھی جارحیت کا منہ توڑ جواب دیا جائے گا اور قوم اپنی افواج کے ساتھ کھڑی ہے۔ حکومت عوام کی فلاح و بہبود کے لیے دن رات کام کر رہی ہے۔

31
احتجاج
بقیہ

اجلاس میں اہم فیصلے کیے گئے اور متعلقہ حکام کو ہدایت جاری کی گئی کہ وہ عوامی مسائل کے حل کے لیے فوری اقدامات کریں۔ شرکاء نے صوبے میں جاری ترقیاتی منصوبوں پر اطمینان کا اظہار کیا اور انہیں بروقت مکمل کرنے پر زور دیا۔ اس موقع پر مختلف محکموں کے سربراہان بھی موجود تھے۔ اجلاس میں اہم فیصلے کیے گئے اور متعلقہ حکام کو ہدایت جاری کی گئی کہ وہ عوامی مسائل کے حل کے لیے فوری اقدامات کریں۔ شرکاء نے صوبے میں جاری ترقیاتی منصوبوں پر اطمینان کا اظہار کیا اور انہیں بروقت مکمل کرنے پر زور دیا۔ اس موقع پر مختلف محکموں کے سربراہان بھی موجود تھے۔ اجلاس میں اہم فیصلے کیے گئے اور متعلقہ حکام کو ہدایت جاری کی گئی کہ وہ عوامی مسائل کے حل کے لیے فوری اقدامات کریں۔ شرکاء نے صوبے میں جاری ترقیاتی منصوبوں پر اطمینان کا اظہار کیا اور انہیں بروقت مکمل کرنے پر زور دیا۔ اس موقع پر مختلف محکموں کے سربراہان بھی موجود تھے۔ اجلاس میں اہم فیصلے کیے گئے اور متعلقہ حکام کو ہدایت جاری کی گئی کہ وہ عوامی مسائل کے حل کے لیے فوری اقدامات کریں۔ شرکاء نے صوبے میں جاری ترقیاتی منصوبوں پر اطمینان کا اظہار کیا اور انہیں بروقت مکمل کرنے پر زور دیا۔ اس موقع پر مختلف محکموں کے سربراہان بھی موجود تھے۔ اجلاس میں اہم فیصلے کیے گئے اور متعلقہ حکام کو ہدایت جاری کی گئی کہ وہ عوامی مسائل کے حل کے لیے فوری اقدامات کریں۔ شرکاء نے صوبے میں جاری ترقیاتی منصوبوں پر اطمینان کا اظہار کیا اور انہیں بروقت مکمل کرنے پر زور دیا۔ اس موقع پر مختلف محکموں کے سربراہان بھی موجود تھے۔ اجلاس میں اہم فیصلے کیے گئے اور متعلقہ حکام کو ہدایت جاری کی گئی کہ وہ عوامی مسائل کے حل کے لیے فوری اقدامات کریں۔ شرکاء نے صوبے میں جاری ترقیاتی منصوبوں پر اطمینان کا اظہار کیا اور انہیں بروقت مکمل کرنے پر زور دیا۔ اس موقع پر مختلف محکموں کے سربراہان بھی موجود تھے۔

بقیہ
بقیہ

عدالت نے فریقین کے دلائل سننے کے بعد فیصلہ محفوظ کر لیا اور کیس کی سماعت آئندہ تاریخ تک ملتوی کر دی۔ وکلاء کا کہنا تھا کہ آئین اور قانون کی بالادستی ہر صورت یقینی بنائی جائے گی۔ سماعت کے دوران کمرہ عدالت میں سیکیورٹی کے سخت انتظامات کیے گئے تھے۔ عدالت نے فریقین کے دلائل سننے کے بعد فیصلہ محفوظ کر لیا اور کیس کی سماعت آئندہ تاریخ تک ملتوی کر دی۔ وکلاء کا کہنا تھا کہ آئین اور قانون کی بالادستی ہر صورت یقینی بنائی جائے گی۔ سماعت کے دوران کمرہ عدالت میں سیکیورٹی کے سخت انتظامات کیے گئے تھے۔

32
سحر
بقیہ

ماہرین کے مطابق ملکی معیشت بتدریج بہتری کی جانب گامزن ہے اور آنے والے مہینوں میں مہنگائی کی شرح میں مزید کمی متوقع ہے۔ بجٹ میں عام آدمی کو ریلیف دینے کے لیے متعدد اقدامات تجویز کیے گئے ہیں جن کا مقصد روزگار کے مواقع بڑھانا ہے۔ ماہرین کے مطابق ملکی معیشت بتدریج بہتری کی جانب گامزن ہے اور آنے والے مہینوں میں مہنگائی کی شرح میں مزید کمی متوقع ہے۔ بجٹ میں عام آدمی کو ریلیف دینے کے لیے متعدد اقدامات تجویز کیے گئے ہیں جن کا مقصد روزگار کے مواقع بڑھانا ہے۔ ماہرین کے مطابق ملکی معیشت بتدریج بہتری کی جانب گامزن ہے اور آنے والے مہینوں میں مہنگائی کی شرح میں مزید کمی متوقع ہے۔ بجٹ میں عام آدمی کو ریلیف دینے کے لیے متعدد اقدامات تجویز کیے گئے ہیں جن کا مقصد روزگار کے مواقع بڑھانا ہے۔ ماہرین کے مطابق ملکی معیشت بتدریج بہتری کی جانب گامزن ہے اور آنے والے مہینوں میں مہنگائی کی شرح میں مزید کمی متوقع ہے۔ بجٹ میں عام آدمی کو ریلیف دینے کے لیے متعدد اقدامات تجویز کیے گئے ہیں جن کا مقصد روزگار کے مواقع بڑھانا ہے۔ ماہرین کے مطابق ملکی معیشت بتدریج بہتری کی جانب گامزن ہے اور آنے والے مہینوں میں مہنگائی کی شرح میں مزید کمی متوقع ہے۔ بجٹ میں عام آدمی کو ریلیف دینے کے لیے متعدد اقدامات تجویز کیے گئے ہیں جن کا مقصد روزگار کے مواقع بڑھانا ہے۔

33
ضمیمہ شدہ اصلاح
بقیہ

علاقے کے مکینوں نے بجلی اور پانی کی عدم فراہمی کے خلاف احتجاج کیا اور مطالبہ کیا کہ مسائل فوری حل کیے جائیں۔ مظاہرین نے کہا کہ شدید گرمی میں طویل لوڈ شیڈنگ نے زندگی اجیرن کر دی ہے۔ انتظامیہ نے یقین دہانی کرائی کہ جلد بہتری آئے گی۔ علاقے کے مکینوں نے بجلی اور پانی کی عدم فراہمی کے خلاف احتجاج کیا اور مطالبہ کیا کہ مسائل فوری حل کیے جائیں۔ مظاہرین نے کہا کہ شدید گرمی میں طویل لوڈ شیڈنگ نے زندگی اجیرن کر دی ہے۔ انتظامیہ نے یقین دہانی کرائی کہ جلد بہتری آئے گی۔ علاقے کے مکینوں نے بجلی اور پانی کی عدم فراہمی کے خلاف احتجاج کیا اور مطالبہ کیا کہ مسائل فوری حل کیے جائیں۔ مظاہرین نے کہا کہ شدید گرمی میں طویل لوڈ شیڈنگ نے زندگی اجیرن کر دی ہے۔ انتظامیہ نے یقین دہانی کرائی کہ جلد بہتری آئے گی۔

34
معرکہ حق
بقیہ

خواجہ آصف نے کہا کہ پاکستان کی خارجہ پالیسی کا محور ہمیشہ امن رہا ہے اور ہم خطے میں استحکام کے خواہاں ہیں۔ انہوں نے کہا کہ دشمن کی کسی بھی جارحیت کا منہ توڑ جواب دیا جائے گا اور قوم اپنی افواج کے ساتھ کھڑی ہے۔ حکومت عوام کی فلاح و بہبود کے لیے دن رات کام کر رہی ہے۔ خواجہ آصف نے کہا کہ پاکستان کی خارجہ پالیسی کا محور ہمیشہ امن رہا ہے اور ہم خطے میں استحکام کے خواہاں ہیں۔ انہوں نے کہا کہ دشمن کی کسی بھی جارحیت کا منہ توڑ جواب دیا جائے گا اور قوم اپنی افواج کے ساتھ کھڑی ہے۔ حکومت عوام کی فلاح و بہبود کے لیے دن رات کام کر رہی ہے۔

35
پاکستانی
بقیہ

اجلاس میں اہم فیصلے کیے گئے اور متعلقہ حکام کو ہدایت جاری کی گئی کہ وہ عوامی مسائل کے حل کے لیے فوری اقدامات کریں۔ شرکاء نے صوبے میں جاری ترقیاتی منصوبوں پر اطمینان کا اظہار کیا اور انہیں بروقت مکمل کرنے پر زور دیا۔ اس موقع پر مختلف محکموں کے سربراہان بھی موجود تھے۔ اجلاس میں اہم فیصلے کیے گئے اور متعلقہ حکام کو ہدایت جاری کی گئی کہ وہ عوامی مسائل کے حل کے لیے فوری اقدامات کریں۔ شرکاء نے صوبے میں جاری ترقیاتی منصوبوں پر اطمینان کا اظہار کیا اور انہیں بروقت مکمل کرنے پر زور دیا۔ اس موقع پر مختلف محکموں کے سربراہان بھی موجود تھے۔ اجلاس میں اہم فیصلے کیے گئے اور متعلقہ حکام کو ہدایت جاری کی گئی کہ وہ عوامی مسائل کے حل کے لیے فوری اقدامات کریں۔ شرکاء نے صوبے میں جاری ترقیاتی منصوبوں پر اطمینان کا اظہار کیا اور انہیں بروقت مکمل کرنے پر زور دیا۔ اس موقع پر مختلف محکموں کے سربراہان بھی موجود تھے۔

36
کشتی حادثہ
بقیہ

عدالت نے فریقین کے دلائل سننے کے بعد فیصلہ محفوظ کر لیا اور کیس کی سماعت آئندہ تاریخ تک ملتوی کر دی۔ وکلاء کا کہنا تھا کہ آئین اور قانون کی بالادستی ہر صورت یقینی بنائی جائے گی۔ سماعت کے دوران کمرہ عدالت میں سیکیورٹی کے سخت انتظامات کیے گئے تھے۔ عدالت نے فریقین کے دلائل سننے کے بعد فیصلہ محفوظ کر لیا اور کیس کی سماعت آئندہ تاریخ تک ملتوی کر دی۔ وکلاء کا کہنا تھا کہ آئین اور قانون کی بالادستی ہر صورت یقینی بنائی جائے گی۔ سماعت کے دوران کمرہ عدالت میں سیکیورٹی کے سخت انتظامات کیے گئے تھے۔ عدالت نے فریقین کے دلائل سننے کے بعد فیصلہ محفوظ کر لیا اور کیس کی سماعت آئندہ تاریخ تک ملتوی کر دی۔ وکلاء کا کہنا تھا کہ آئین اور قانون کی بالادستی ہر صورت یقینی بنائی جائے گی۔ سماعت کے دوران کمرہ عدالت میں سیکیورٹی کے سخت انتظامات کیے گئے تھے۔ عدالت نے فریقین کے دلائل سننے کے بعد فیصلہ محفوظ کر لیا اور کیس کی سماعت آئندہ تاریخ تک ملتوی کر دی۔ وکلاء کا کہنا تھا کہ آئین اور قانون کی بالادستی ہر صورت یقینی بنائی جائے گی۔ سماعت کے دوران کمرہ عدالت میں سیکیورٹی کے سخت انتظامات کیے گئے تھے۔ عدالت نے فریقین کے دلائل سننے کے بعد فیصلہ محفوظ کر لیا اور کیس کی سماعت آئندہ تاریخ تک ملتوی کر دی۔ وکلاء کا کہنا تھا کہ آئین اور قانون کی بالادستی ہر صورت یقینی بنائی جائے گی۔ سماعت کے دوران کمرہ عدالت میں سیکیورٹی کے سخت انتظامات کیے گئے تھے۔ عدالت نے فریقین کے دلائل سننے کے بعد فیصلہ محفوظ کر لیا اور کیس کی سماعت آئندہ تاریخ تک ملتوی کر دی۔ وکلاء کا کہنا تھا کہ آئین اور قانون کی بالادستی ہر صورت یقینی بنائی جائے گی۔ سماعت کے دوران کمرہ عدالت میں سیکیورٹی کے سخت انتظامات کیے گئے تھے۔

37
عائشہ صدیقی
بقیہ

ماہرین کے مطابق ملکی معیشت بتدریج بہتری کی جانب گامزن ہے اور آنے والے مہینوں میں مہنگائی کی شرح میں مزید کمی متوقع ہے۔ بجٹ میں عام آدمی کو ریلیف دینے کے لیے متعدد اقدامات تجویز کیے گئے ہیں جن کا مقصد روزگار کے مواقع بڑھانا ہے۔ ماہرین کے مطابق ملکی معیشت بتدریج بہتری کی جانب گامزن ہے اور آنے والے مہینوں میں مہنگائی کی شرح میں مزید کمی متوقع ہے۔ بجٹ میں عام آدمی کو ریلیف دینے کے لیے متعدد اقدامات تجویز کیے گئے ہیں جن کا مقصد روزگار کے مواقع بڑھانا ہے۔ ماہرین کے مطابق ملکی معیشت بتدریج بہتری کی جانب گامزن ہے اور آنے والے مہینوں میں مہنگائی کی شرح میں مزید کمی متوقع ہے۔ بجٹ میں عام آدمی کو ریلیف دینے کے لیے متعدد اقدامات تجویز کیے گئے ہیں جن کا مقصد روزگار کے مواقع بڑھانا ہے۔ ماہرین کے مطابق ملکی معیشت بتدریج بہتری کی جانب گامزن ہے اور آنے والے مہینوں میں مہنگائی کی شرح میں مزید کمی متوقع ہے۔ بجٹ میں عام آدمی کو ریلیف دینے کے لیے متعدد اقدامات تجویز کیے گئے ہیں جن کا مقصد روزگار کے مواقع بڑھانا ہے۔

38
افضل حیات
بقیہ

علاقے کے مکینوں نے بجلی اور پانی کی عدم فراہمی کے خلاف احتجاج کیا اور مطالبہ کیا کہ مسائل فوری حل کیے جائیں۔ مظاہرین نے کہا کہ شدید گرمی میں طویل لوڈ شیڈنگ نے زندگی اجیرن کر دی ہے۔ انتظامیہ نے یقین دہانی کرائی کہ جلد بہتری آئے گی۔

بقیہ
بقیہ

خواجہ آصف نے کہا کہ پاکستان کی خارجہ پالیسی کا محور ہمیشہ امن رہا ہے اور ہم خطے میں استحکام کے خواہاں ہیں۔ انہوں نے کہا کہ دشمن کی کسی بھی جارحیت کا منہ توڑ جواب دیا جائے گا اور قوم اپنی افواج کے ساتھ کھڑی ہے۔ حکومت عوام کی فلاح و بہبود کے لیے دن رات کام کر رہی ہے۔ خواجہ آصف نے کہا کہ پاکستان کی خارجہ پالیسی کا محور ہمیشہ امن رہا ہے اور ہم خطے میں استحکام کے خواہاں ہیں۔ انہوں نے کہا کہ دشمن کی کسی بھی جارحیت کا منہ توڑ جواب دیا جائے گا اور قوم اپنی افواج کے ساتھ کھڑی ہے۔ حکومت عوام کی فلاح و بہبود کے لیے دن رات کام کر رہی ہے۔ خواجہ آصف نے کہا کہ پاکستان کی خارجہ پالیسی کا محور ہمیشہ امن رہا ہے اور ہم خطے میں استحکام کے خواہاں ہیں۔ انہوں نے کہا کہ دشمن کی کسی بھی جارحیت کا منہ توڑ جواب دیا جائے گا اور قوم اپنی افواج کے ساتھ کھڑی ہے۔ حکومت عوام کی فلاح و بہبود کے لیے دن رات کام کر رہی ہے۔ خواجہ آصف نے کہا کہ پاکستان کی خارجہ پالیسی کا محور ہمیشہ امن رہا ہے اور ہم خطے میں استحکام کے خواہاں ہیں۔ انہوں نے کہا کہ دشمن کی کسی بھی جارحیت کا منہ توڑ جواب دیا جائے گا اور قوم اپنی افواج کے ساتھ کھڑی ہے۔ حکومت عوام کی فلاح و بہبود کے لیے دن رات کام کر رہی ہے۔ خواجہ آصف نے کہا کہ پاکستان کی خارجہ پالیسی کا محور ہمیشہ امن رہا ہے اور ہم خطے میں استحکام کے خواہاں ہیں۔ انہوں نے کہا کہ دشمن کی کسی بھی جارحیت کا منہ توڑ جواب دیا جائے گا اور قوم اپنی افواج کے ساتھ کھڑی ہے۔ حکومت عوام کی فلاح و بہبود کے لیے دن رات کام کر رہی ہے۔

39
بلال زبیر
بقیہ

اجلاس میں اہم فیصلے کیے گئے اور متعلقہ حکام کو ہدایت جاری کی گئی کہ وہ عوامی مسائل کے حل کے لیے فوری اقدامات کریں۔ شرکاء نے صوبے میں جاری ترقیاتی منصوبوں پر اطمینان کا اظہار کیا اور انہیں بروقت مکمل کرنے پر زور دیا۔ اس موقع پر مختلف محکموں کے سربراہان بھی موجود تھے۔ اجلاس میں اہم فیصلے کیے گئے اور متعلقہ حکام کو ہدایت جاری کی گئی کہ وہ عوامی مسائل کے حل کے لیے فوری اقدامات کریں۔ شرکاء نے صوبے میں جاری ترقیاتی منصوبوں پر اطمینان کا اظہار کیا اور انہیں بروقت مکمل کرنے پر زور دیا۔ اس موقع پر مختلف محکموں کے سربراہان بھی موجود تھے۔

40
بقیہ
بقیہ

عدالت نے فریقین کے دلائل سننے کے بعد فیصلہ محفوظ کر لیا اور کیس کی سماعت آئندہ تاریخ تک ملتوی کر دی۔ وکلاء کا کہنا تھا کہ آئین اور قانون کی بالادستی ہر صورت یقینی بنائی جائے گی۔ سماعت کے دوران کمرہ عدالت میں سیکیورٹی کے سخت انتظامات کیے گئے تھے۔ عدالت نے فریقین کے دلائل سننے کے بعد فیصلہ محفوظ کر لیا اور کیس کی سماعت آئندہ تاریخ تک ملتوی کر دی۔ وکلاء کا کہنا تھا کہ آئین اور قانون کی بالادستی ہر صورت یقینی بنائی جائے گی۔ سماعت کے دوران کمرہ عدالت میں سیکیورٹی کے سخت انتظامات کیے گئے تھے۔

41
چوری
بقیہ

ماہرین کے مطابق ملکی معیشت بتدریج بہتری کی جانب گامزن ہے اور آنے والے مہینوں میں مہنگائی کی شرح میں مزید کمی متوقع ہے۔ بجٹ میں عام آدمی کو ریلیف دینے کے لیے متعدد اقدامات تجویز کیے گئے ہیں جن کا مقصد روزگار کے مواقع بڑھانا ہے۔ ماہرین کے مطابق ملکی معیشت بتدریج بہتری کی جانب گامزن ہے اور آنے والے مہینوں میں مہنگائی کی شرح میں مزید کمی متوقع ہے۔ بجٹ میں عام آدمی کو ریلیف دینے کے لیے متعدد اقدامات تجویز کیے گئے ہیں جن کا مقصد روزگار کے مواقع بڑھانا ہے۔

42
حملے
بقیہ

علاقے کے مکینوں نے بجلی اور پانی کی عدم فراہمی کے خلاف احتجاج کیا اور مطالبہ کیا کہ مسائل فوری حل کیے جائیں۔ مظاہرین نے کہا کہ شدید گرمی میں طویل لوڈ شیڈنگ نے زندگی اجیرن کر دی ہے۔ انتظامیہ نے یقین دہانی کرائی کہ جلد بہتری آئے گی۔ علاقے کے مکینوں نے بجلی اور پانی کی عدم فراہمی کے خلاف احتجاج کیا اور مطالبہ کیا کہ مسائل فوری حل کیے جائیں۔ مظاہرین نے کہا کہ شدید گرمی میں طویل لوڈ شیڈنگ نے زندگی اجیرن کر دی ہے۔ انتظامیہ نے یقین دہانی کرائی کہ جلد بہتری آئے گی۔ علاقے کے مکینوں نے بجلی اور پانی کی عدم فراہمی کے خلاف احتجاج کیا اور مطالبہ کیا کہ مسائل فوری حل کیے جائیں۔ مظاہرین نے کہا کہ شدید گرمی میں طویل لوڈ شیڈنگ نے زندگی اجیرن کر دی ہے۔ انتظامیہ نے یقین دہانی کرائی کہ جلد بہتری آئے گی۔ علاقے کے مکینوں نے بجلی اور پانی کی عدم فراہمی کے خلاف احتجاج کیا اور مطالبہ کیا کہ مسائل فوری حل کیے جائیں۔ مظاہرین نے کہا کہ شدید گرمی میں طویل لوڈ شیڈنگ نے زندگی اجیرن کر دی ہے۔ انتظامیہ نے یقین دہانی کرائی کہ جلد بہتری آئے گی۔

43
ابراہیم حسین
بقیہ

خواجہ آصف نے کہا کہ پاکستان کی خارجہ پالیسی کا محور ہمیشہ امن رہا ہے اور ہم خطے میں استحکام کے خواہاں ہیں۔ انہوں نے کہا کہ دشمن کی کسی بھی جارحیت کا منہ توڑ جواب دیا جائے گا اور قوم اپنی افواج کے ساتھ کھڑی ہے۔ حکومت عوام کی فلاح و بہبود کے لیے دن رات کام کر رہی ہے۔ خواجہ آصف نے کہا کہ پاکستان کی خارجہ پالیسی کا محور ہمیشہ امن رہا ہے اور ہم خطے میں استحکام کے خواہاں ہیں۔ انہوں نے کہا کہ دشمن کی کسی بھی جارحیت کا منہ توڑ جواب دیا جائے گا اور قوم اپنی افواج کے ساتھ کھڑی ہے۔ حکومت عوام کی فلاح و بہبود کے لیے دن رات کام کر رہی ہے۔ خواجہ آصف نے کہا کہ پاکستان کی خارجہ پالیسی کا محور ہمیشہ امن رہا ہے اور ہم خطے میں استحکام کے خواہاں ہیں۔ انہوں نے کہا کہ دشمن کی کسی بھی جارحیت کا منہ توڑ جواب دیا جائے گا اور قوم اپنی افواج کے ساتھ کھڑی ہے۔ حکومت عوام کی فلاح و بہبود کے لیے دن رات کام کر رہی ہے۔ خواجہ آصف نے کہا کہ پاکستان کی خارجہ پالیسی کا محور ہمیشہ امن رہا ہے اور ہم خطے میں استحکام کے خواہاں ہیں۔ انہوں نے کہا کہ دشمن کی کسی بھی جارحیت کا منہ توڑ جواب دیا جائے گا اور قوم اپنی افواج کے ساتھ کھڑی ہے۔ حکومت عوام کی فلاح و بہبود کے لیے دن رات کام کر رہی ہے۔ خواجہ آصف نے کہا کہ پاکستان کی خارجہ پالیسی کا محور ہمیشہ امن رہا ہے اور ہم خطے میں استحکام کے خواہاں ہیں۔ انہوں نے کہا کہ دشمن کی کسی بھی جارحیت کا منہ توڑ جواب دیا جائے گا اور قوم اپنی افواج کے ساتھ کھڑی ہے۔ حکومت عوام کی فلاح و بہبود کے لیے دن رات کام کر رہی ہے۔
